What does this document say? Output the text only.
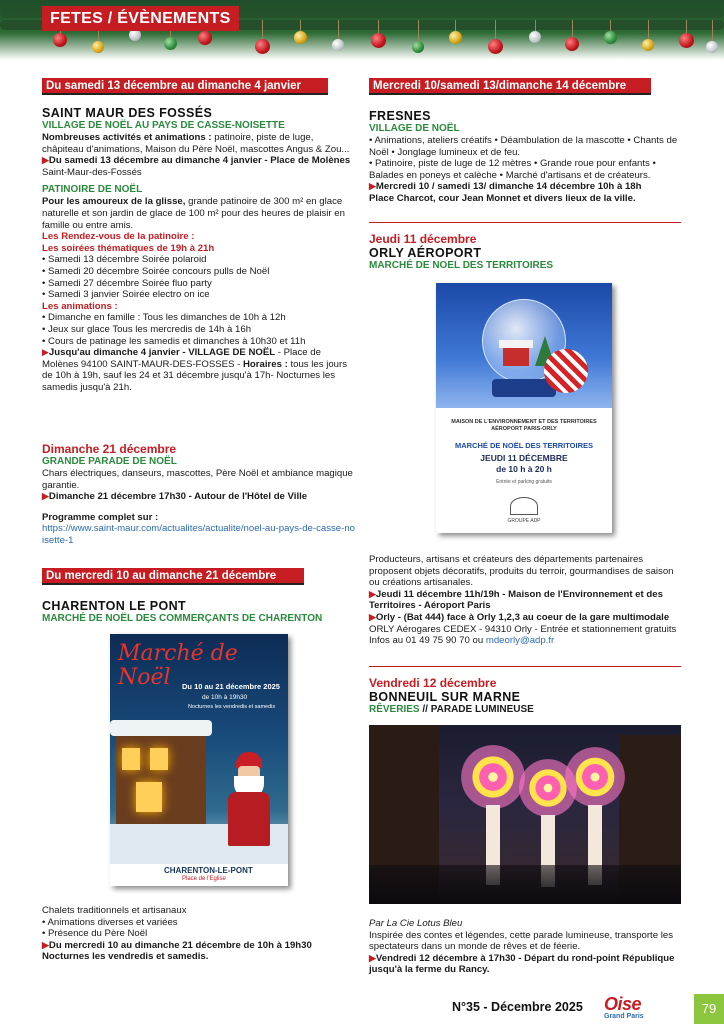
FETES / ÉVÈNEMENTS
Du samedi 13 décembre au dimanche 4 janvier

SAINT MAUR DES FOSSÉS

VILLAGE DE NOËL AU PAYS DE CASSE-NOISETTE

Nombreuses activités et animations : patinoire, piste de luge, châpiteau d'animations, Maison du Père Noël, mascottes Angus & Zou...

▶Du samedi 13 décembre au dimanche 4 janvier - Place de Molènes

Saint-Maur-des-Fossés

PATINOIRE DE NOËL

Pour les amoureux de la glisse, grande patinoire de 300 m² en glace naturelle et son jardin de glace de 100 m² pour des heures de plaisir en famille ou entre amis.

Les Rendez-vous de la patinoire :

Les soirées thématiques de 19h à 21h

• Samedi 13 décembre Soirée polaroid

• Samedi 20 décembre Soirée concours pulls de Noël

• Samedi 27 décembre Soirée fluo party

• Samedi 3 janvier Soirée electro on ice

Les animations :

• Dimanche en famille : Tous les dimanches de 10h à 12h

• Jeux sur glace Tous les mercredis de 14h à 16h

• Cours de patinage les samedis et dimanches à 10h30 et 11h

▶Jusqu'au dimanche 4 janvier - VILLAGE DE NOËL - Place de Molènes 94100 SAINT-MAUR-DES-FOSSES - Horaires : tous les jours de 10h à 19h, sauf les 24 et 31 décembre jusqu'à 17h- Nocturnes les samedis jusqu'à 21h.

Dimanche 21 décembre

GRANDE PARADE DE NOËL

Chars électriques, danseurs, mascottes, Père Noël et ambiance magique garantie.

▶Dimanche 21 décembre 17h30 - Autour de l'Hôtel de Ville

Programme complet sur :

https://www.saint-maur.com/actualites/actualite/noel-au-pays-de-casse-noisette-1

Du mercredi 10 au dimanche 21 décembre

CHARENTON LE PONT

MARCHÉ DE NOËL DES COMMERÇANTS DE CHARENTON

Marché de Noël	Du 10 au 21 décembre 2025
de 10h à 19h30
Nocturnes les vendredis et samedis
CHARENTON-LE-PONT
Place de l'Eglise

Chalets traditionnels et artisanaux

• Animations diverses et variées

• Présence du Père Noël

▶Du mercredi 10 au dimanche 21 décembre de 10h à 19h30

Nocturnes les vendredis et samedis.

Mercredi 10/samedi 13/dimanche 14 décembre

FRESNES

VILLAGE DE NOËL

• Animations, ateliers créatifs • Déambulation de la mascotte • Chants de Noël • Jonglage lumineux et de feu.

• Patinoire, piste de luge de 12 mètres • Grande roue pour enfants • Balades en poneys et calèche • Marché d'artisans et de créateurs.

▶Mercredi 10 / samedi 13/ dimanche 14 décembre 10h à 18h

Place Charcot, cour Jean Monnet et divers lieux de la ville.

Jeudi 11 décembre

ORLY AÉROPORT

MARCHÉ DE NOEL DES TERRITOIRES

MAISON DE L'ENVIRONNEMENT ET DES TERRITOIRES
AÉROPORT PARIS-ORLY
MARCHÉ DE NOËL DES TERRITOIRES
JEUDI 11 DÉCEMBRE
de 10 h à 20 h
Entrée et parking gratuits
GROUPE ADP

Producteurs, artisans et créateurs des départements partenaires proposent objets décoratifs, produits du terroir, gourmandises de saison ou créations artisanales.

▶Jeudi 11 décembre 11h/19h - Maison de l'Environnement et des Territoires - Aéroport Paris

▶Orly - (Bat 444) face à Orly 1,2,3 au coeur de la gare multimodale

ORLY Aérogares CEDEX - 94310 Orly - Entrée et stationnement gratuits

Infos au 01 49 75 90 70 ou mdeorly@adp.fr

Vendredi 12 décembre

BONNEUIL SUR MARNE

RÊVERIES // PARADE LUMINEUSE

Par La Cie Lotus Bleu

Inspirée des contes et légendes, cette parade lumineuse, transporte les spectateurs dans un monde de rêves et de féerie.

▶Vendredi 12 décembre à 17h30 - Départ du rond-point République jusqu'à la ferme du Rancy.

N°35 - Décembre 2025 Oise
Grand Paris
79
